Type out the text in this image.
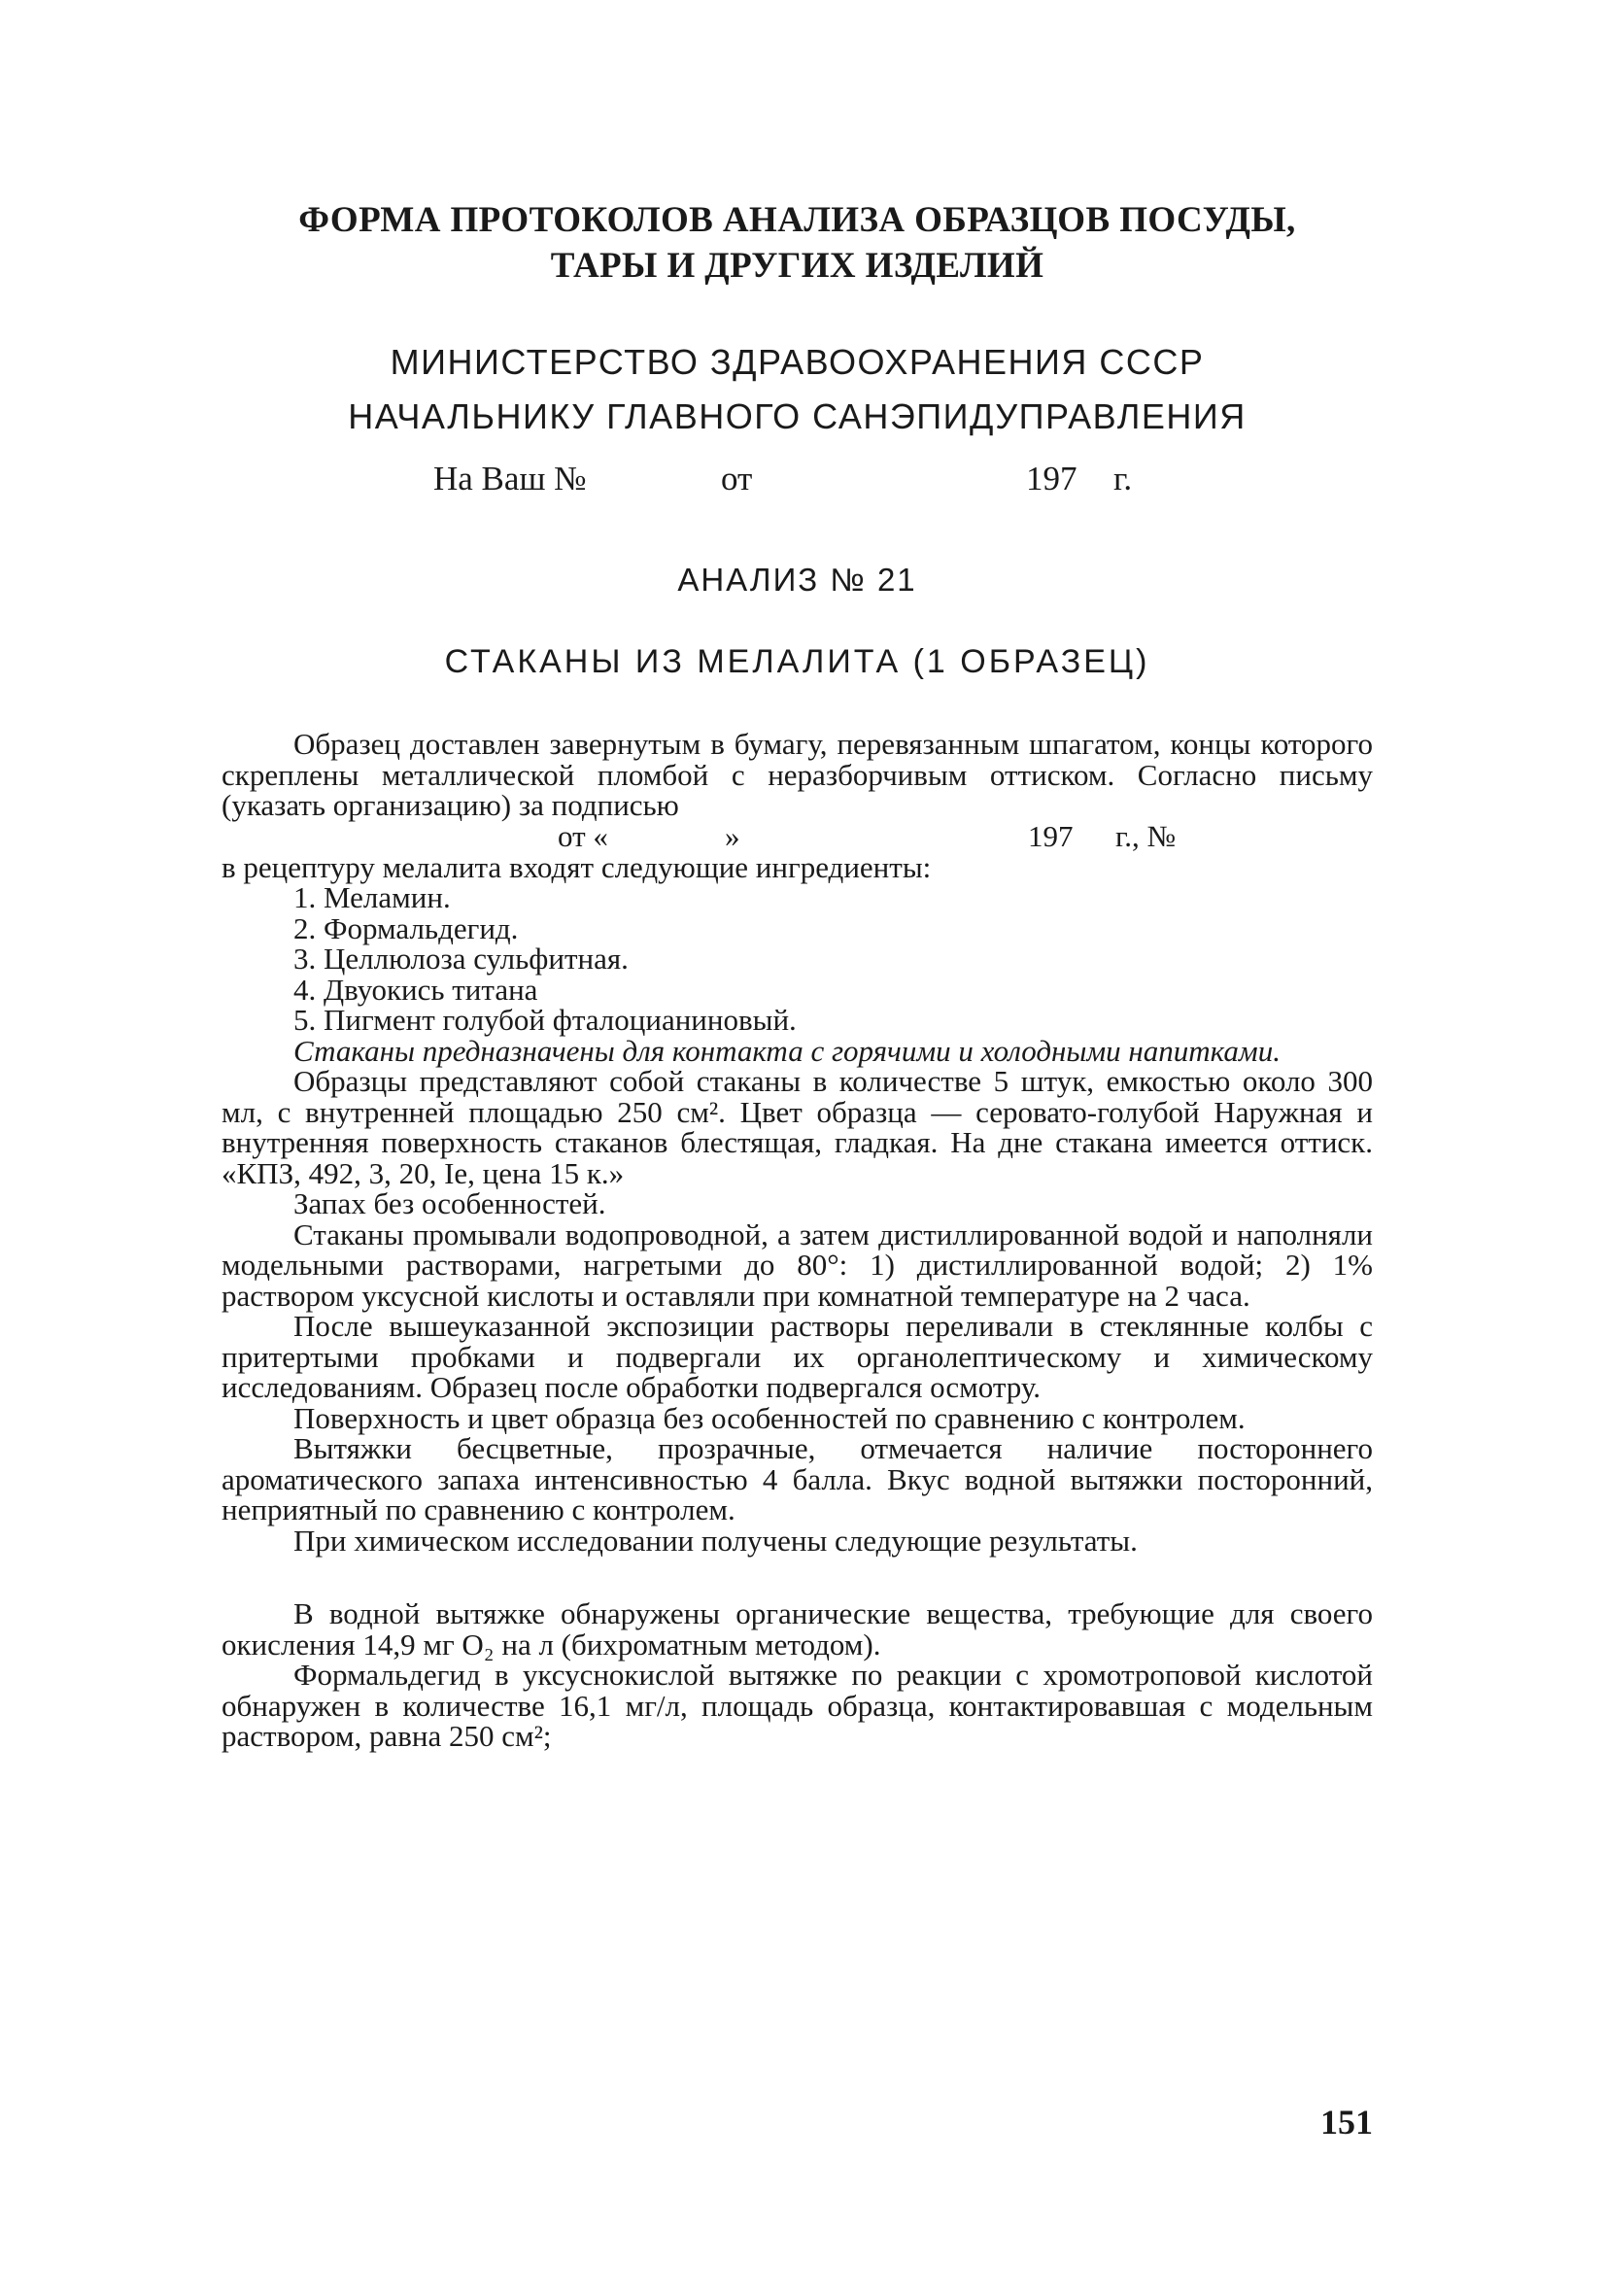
ФОРМА ПРОТОКОЛОВ АНАЛИЗА ОБРАЗЦОВ ПОСУДЫ,
ТАРЫ И ДРУГИХ ИЗДЕЛИЙ
МИНИСТЕРСТВО ЗДРАВООХРАНЕНИЯ СССР
НАЧАЛЬНИКУ ГЛАВНОГО САНЭПИДУПРАВЛЕНИЯ
На Ваш №	от	197 г.
АНАЛИЗ № 21
СТАКАНЫ ИЗ МЕЛАЛИТА (1 ОБРАЗЕЦ)

Образец доставлен завернутым в бумагу, перевязанным шпагатом, концы которого скреплены металлической пломбой с неразборчивым оттиском. Согласно письму (указать организацию) за подписью

от «	»	197 г., №

в рецептуру мелалита входят следующие ингредиенты:

1. Меламин.
2. Формальдегид.
3. Целлюлоза сульфитная.
4. Двуокись титана
5. Пигмент голубой фталоцианиновый.

Стаканы предназначены для контакта с горячими и холодными напитками.

Образцы представляют собой стаканы в количестве 5 штук, емкостью около 300 мл, с внутренней площадью 250 см². Цвет образца — серовато-голубой Наружная и внутренняя поверхность стаканов блестящая, гладкая. На дне стакана имеется оттиск. «КПЗ, 492, 3, 20, Iе, цена 15 к.»

Запах без особенностей.

Стаканы промывали водопроводной, а затем дистиллированной водой и наполняли модельными растворами, нагретыми до 80°: 1) дистиллированной водой; 2) 1% раствором уксусной кислоты и оставляли при комнатной температуре на 2 часа.

После вышеуказанной экспозиции растворы переливали в стеклянные колбы с притертыми пробками и подвергали их органолептическому и химическому исследованиям. Образец после обработки подвергался осмотру.

Поверхность и цвет образца без особенностей по сравнению с контролем.

Вытяжки бесцветные, прозрачные, отмечается наличие постороннего ароматического запаха интенсивностью 4 балла. Вкус водной вытяжки посторонний, неприятный по сравнению с контролем.

При химическом исследовании получены следующие результаты.

В водной вытяжке обнаружены органические вещества, требующие для своего окисления 14,9 мг O₂ на л (бихроматным методом).

Формальдегид в уксуснокислой вытяжке по реакции с хромотроповой кислотой обнаружен в количестве 16,1 мг/л, площадь образца, контактировавшая с модельным раствором, равна 250 см²;

151
